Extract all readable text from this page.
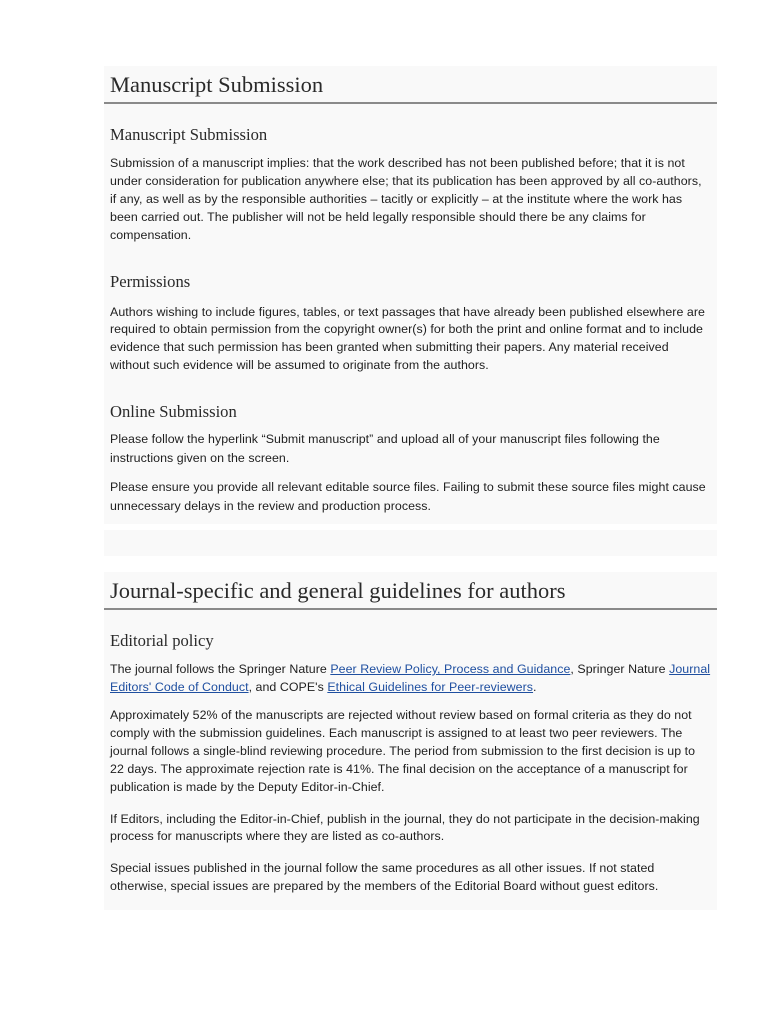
Manuscript Submission
Manuscript Submission

Submission of a manuscript implies: that the work described has not been published before; that it is not under consideration for publication anywhere else; that its publication has been approved by all co-authors, if any, as well as by the responsible authorities – tacitly or explicitly – at the institute where the work has been carried out. The publisher will not be held legally responsible should there be any claims for compensation.

Permissions

Authors wishing to include figures, tables, or text passages that have already been published elsewhere are required to obtain permission from the copyright owner(s) for both the print and online format and to include evidence that such permission has been granted when submitting their papers. Any material received without such evidence will be assumed to originate from the authors.

Online Submission

Please follow the hyperlink “Submit manuscript” and upload all of your manuscript files following the instructions given on the screen.

Please ensure you provide all relevant editable source files. Failing to submit these source files might cause unnecessary delays in the review and production process.

Journal-specific and general guidelines for authors
Editorial policy

The journal follows the Springer Nature Peer Review Policy, Process and Guidance, Springer Nature Journal Editors' Code of Conduct, and COPE's Ethical Guidelines for Peer-reviewers.

Approximately 52% of the manuscripts are rejected without review based on formal criteria as they do not comply with the submission guidelines. Each manuscript is assigned to at least two peer reviewers. The journal follows a single-blind reviewing procedure. The period from submission to the first decision is up to 22 days. The approximate rejection rate is 41%. The final decision on the acceptance of a manuscript for publication is made by the Deputy Editor-in-Chief.

If Editors, including the Editor-in-Chief, publish in the journal, they do not participate in the decision-making process for manuscripts where they are listed as co-authors.

Special issues published in the journal follow the same procedures as all other issues. If not stated otherwise, special issues are prepared by the members of the Editorial Board without guest editors.
